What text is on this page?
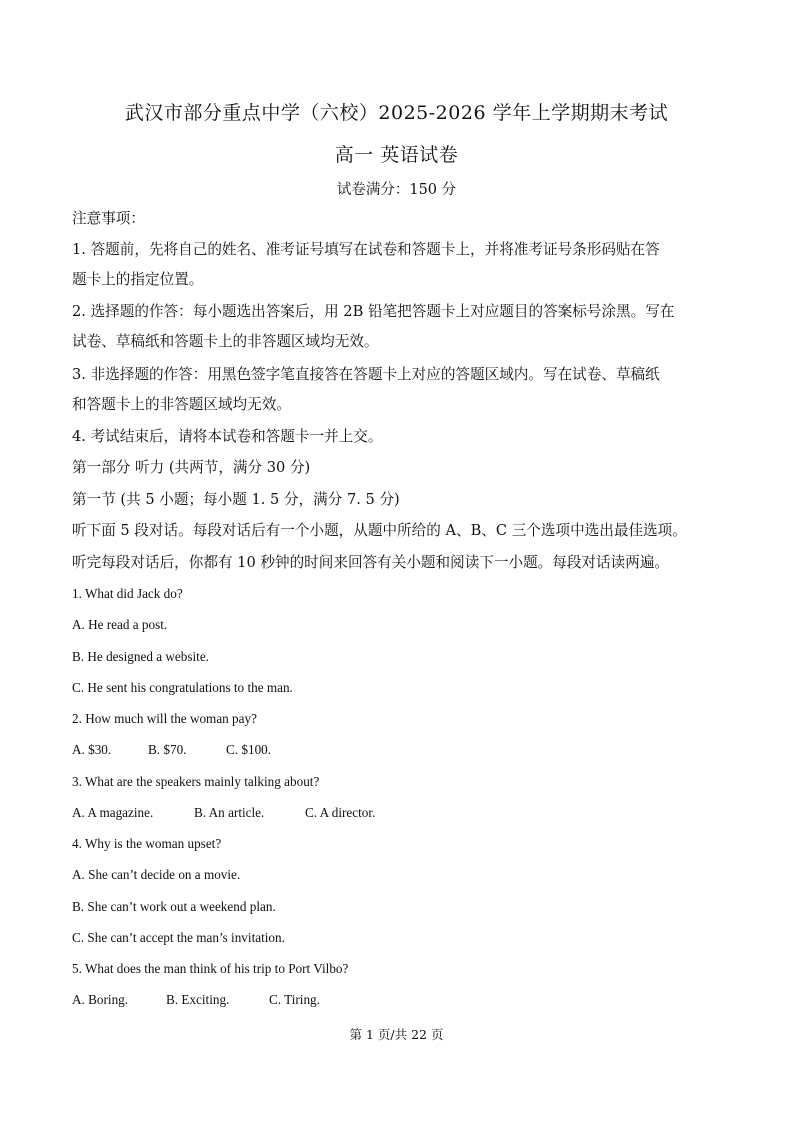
武汉市部分重点中学（六校）2025-2026 学年上学期期末考试
高一 英语试卷
试卷满分：150 分
注意事项：
1. 答题前，先将自己的姓名、准考证号填写在试卷和答题卡上，并将准考证号条形码贴在答
题卡上的指定位置。
2. 选择题的作答：每小题选出答案后，用 2B 铅笔把答题卡上对应题目的答案标号涂黑。写在
试卷、草稿纸和答题卡上的非答题区域均无效。
3. 非选择题的作答：用黑色签字笔直接答在答题卡上对应的答题区域内。写在试卷、草稿纸
和答题卡上的非答题区域均无效。
4. 考试结束后，请将本试卷和答题卡一并上交。
第一部分 听力 (共两节，满分 30 分)
第一节 (共 5 小题；每小题 1. 5 分，满分 7. 5 分)
听下面 5 段对话。每段对话后有一个小题，从题中所给的 A、B、C 三个选项中选出最佳选项。
听完每段对话后，你都有 10 秒钟的时间来回答有关小题和阅读下一小题。每段对话读两遍。
1. What did Jack do?
A. He read a post.
B. He designed a website.
C. He sent his congratulations to the man.
2. How much will the woman pay?
A. $30.	B. $70.	C. $100.
3. What are the speakers mainly talking about?
A. A magazine.	B. An article.	C. A director.
4. Why is the woman upset?
A. She can’t decide on a movie.
B. She can’t work out a weekend plan.
C. She can’t accept the man’s invitation.
5. What does the man think of his trip to Port Vilbo?
A. Boring.	B. Exciting.	C. Tiring.
第 1 页/共 22 页
